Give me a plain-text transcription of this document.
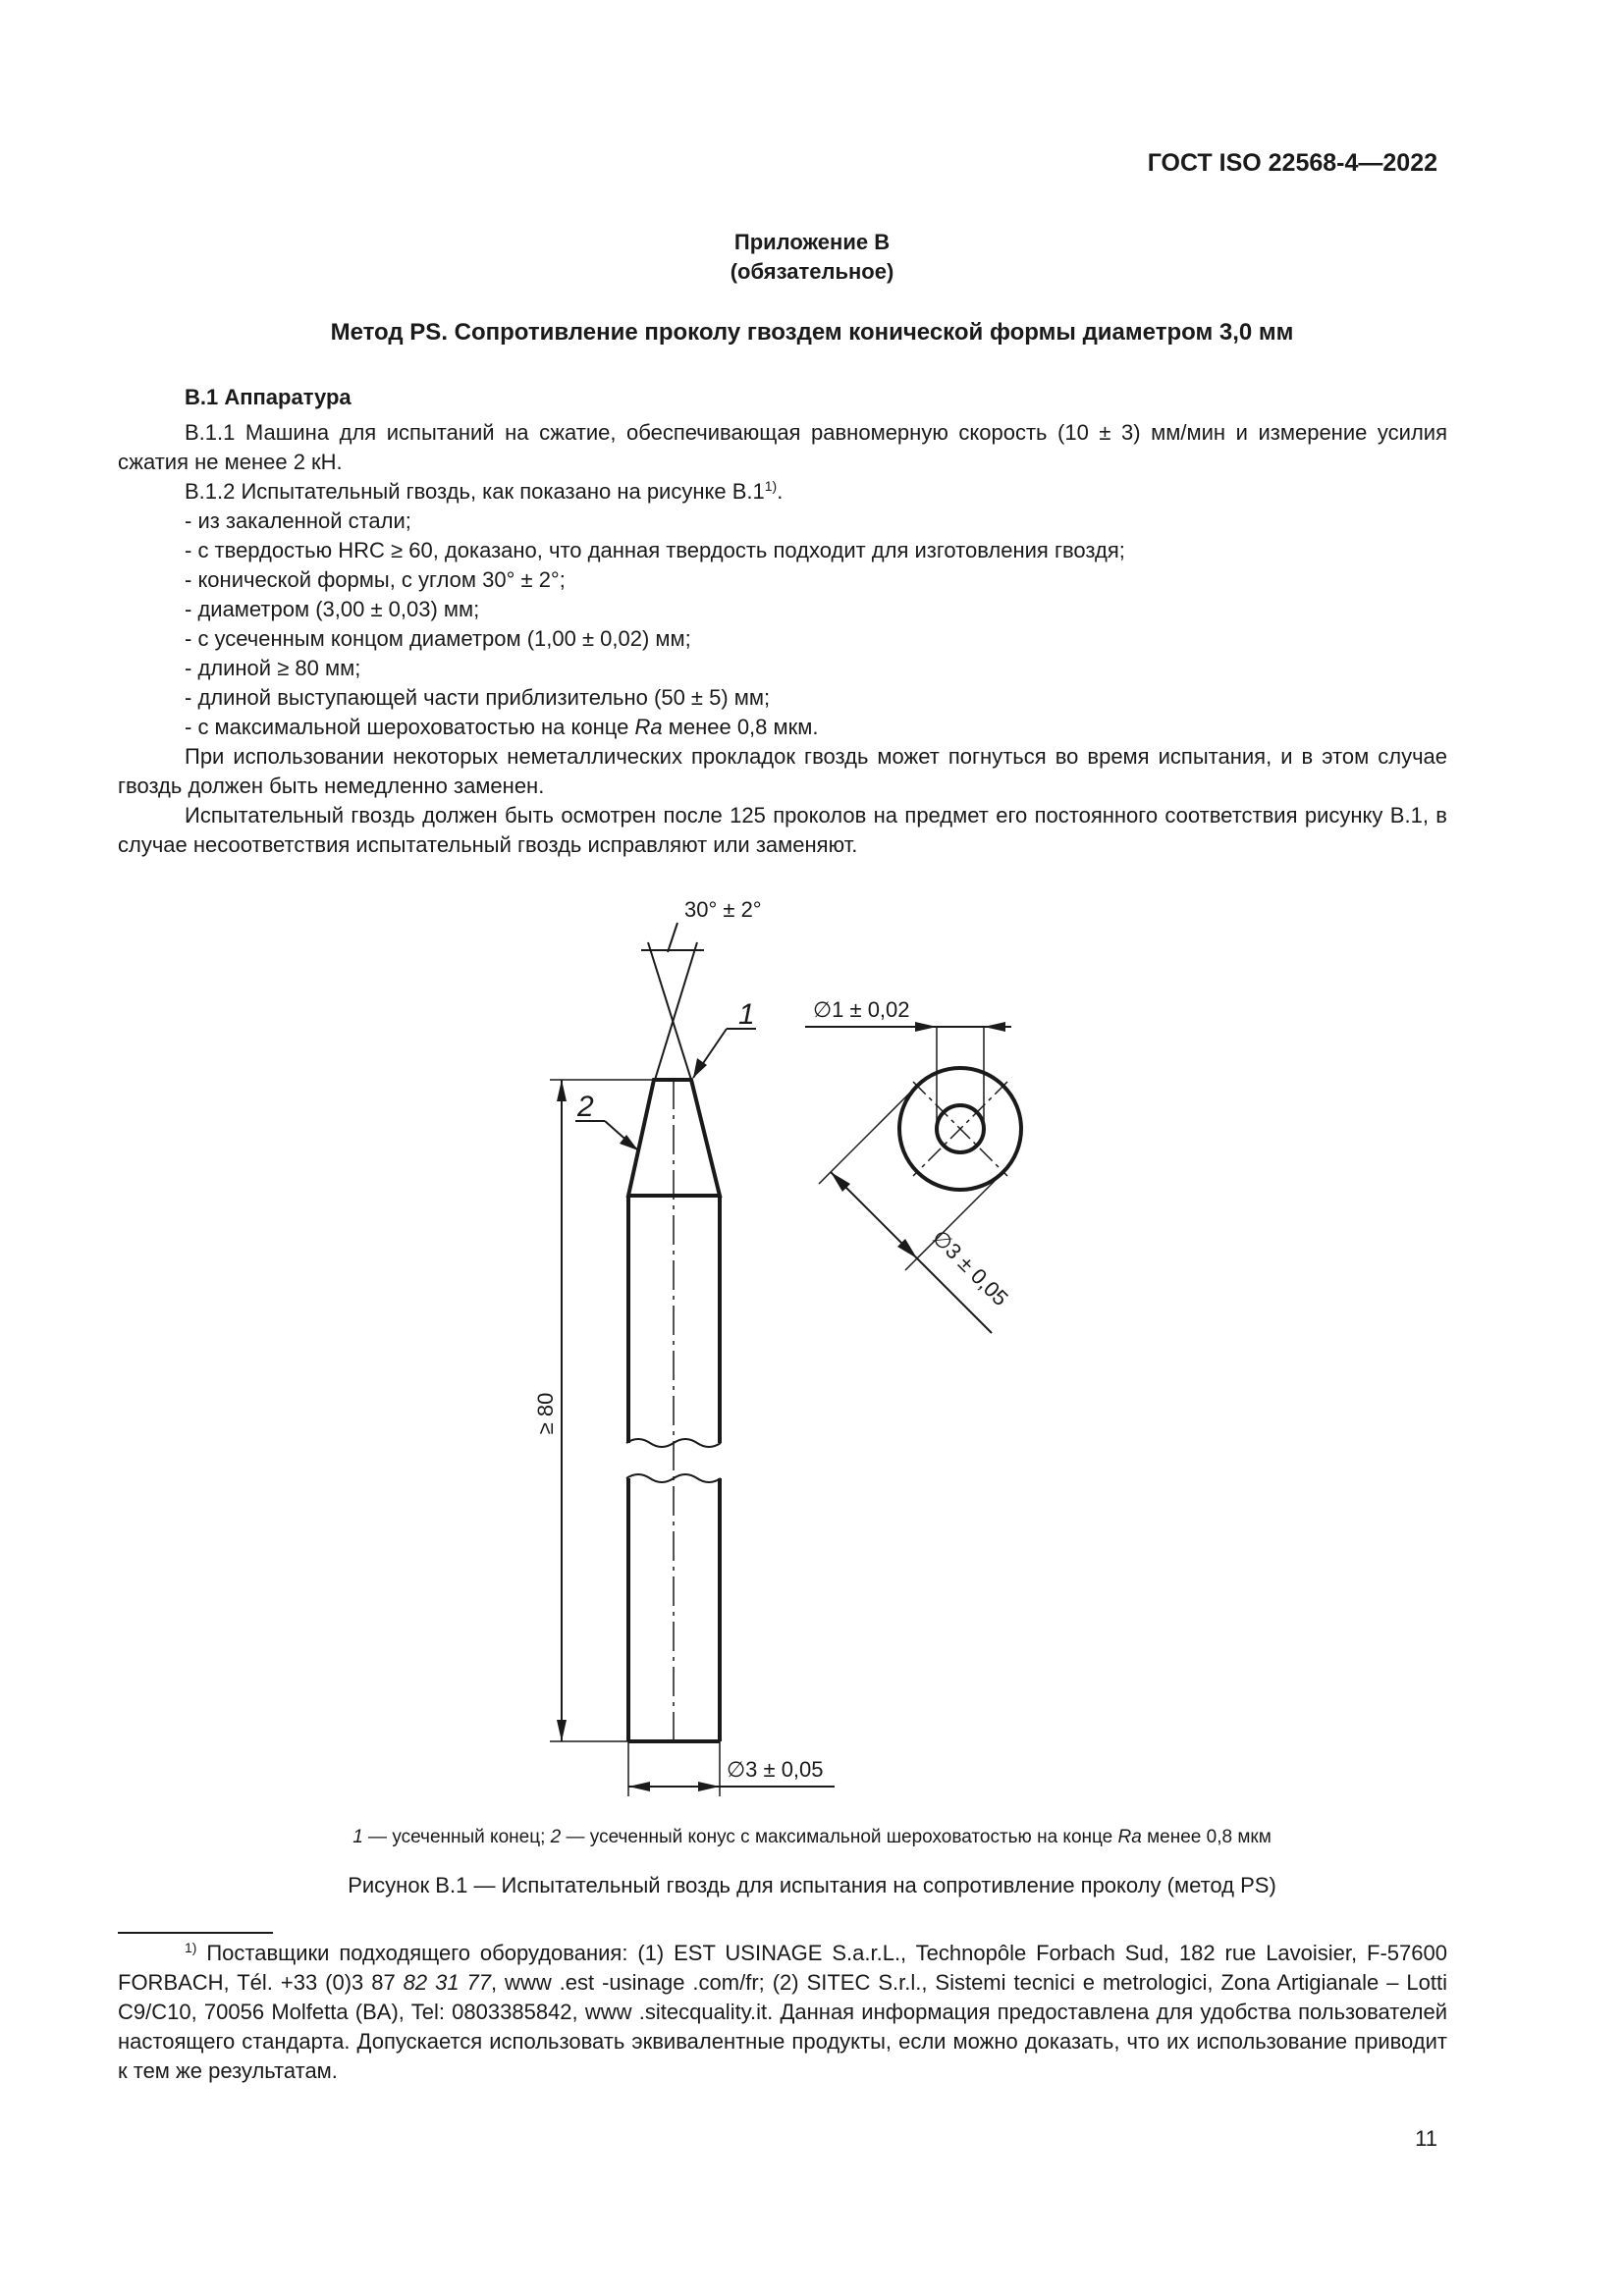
ГОСТ ISO 22568-4—2022
Приложение B
(обязательное)
Метод PS. Сопротивление проколу гвоздем конической формы диаметром 3,0 мм
B.1 Аппаратура

B.1.1 Машина для испытаний на сжатие, обеспечивающая равномерную скорость (10 ± 3) мм/мин и измерение усилия сжатия не менее 2 кН.

B.1.2 Испытательный гвоздь, как показано на рисунке B.1$^{1)}$.

- из закаленной стали;

- с твердостью HRC ≥ 60, доказано, что данная твердость подходит для изготовления гвоздя;

- конической формы, с углом 30° ± 2°;

- диаметром (3,00 ± 0,03) мм;

- с усеченным концом диаметром (1,00 ± 0,02) мм;

- длиной ≥ 80 мм;

- длиной выступающей части приблизительно (50 ± 5) мм;

- с максимальной шероховатостью на конце Ra менее 0,8 мкм.

При использовании некоторых неметаллических прокладок гвоздь может погнуться во время испытания, и в этом случае гвоздь должен быть немедленно заменен.

Испытательный гвоздь должен быть осмотрен после 125 проколов на предмет его постоянного соответствия рисунку B.1, в случае несоответствия испытательный гвоздь исправляют или заменяют.

30° ± 2°
≥ 80
∅3 ± 0,05
1
2
∅1 ± 0,02
∅3 ± 0,05
1 — усеченный конец; 2 — усеченный конус с максимальной шероховатостью на конце Ra менее 0,8 мкм
Рисунок B.1 — Испытательный гвоздь для испытания на сопротивление проколу (метод PS)

$^{1)}$ Поставщики подходящего оборудования: (1) EST USINAGE S.a.r.L., Technopôle Forbach Sud, 182 rue Lavoisier, F-57600 FORBACH, Tél. +33 (0)3 87 82 31 77, www .est -usinage .com/fr; (2) SITEC S.r.l., Sistemi tecnici e metrologici, Zona Artigianale – Lotti C9/C10, 70056 Molfetta (BA), Tel: 0803385842, www .sitecquality.it. Данная информация предоставлена для удобства пользователей настоящего стандарта. Допускается использовать эквивалентные продукты, если можно доказать, что их использование приводит к тем же результатам.

11
